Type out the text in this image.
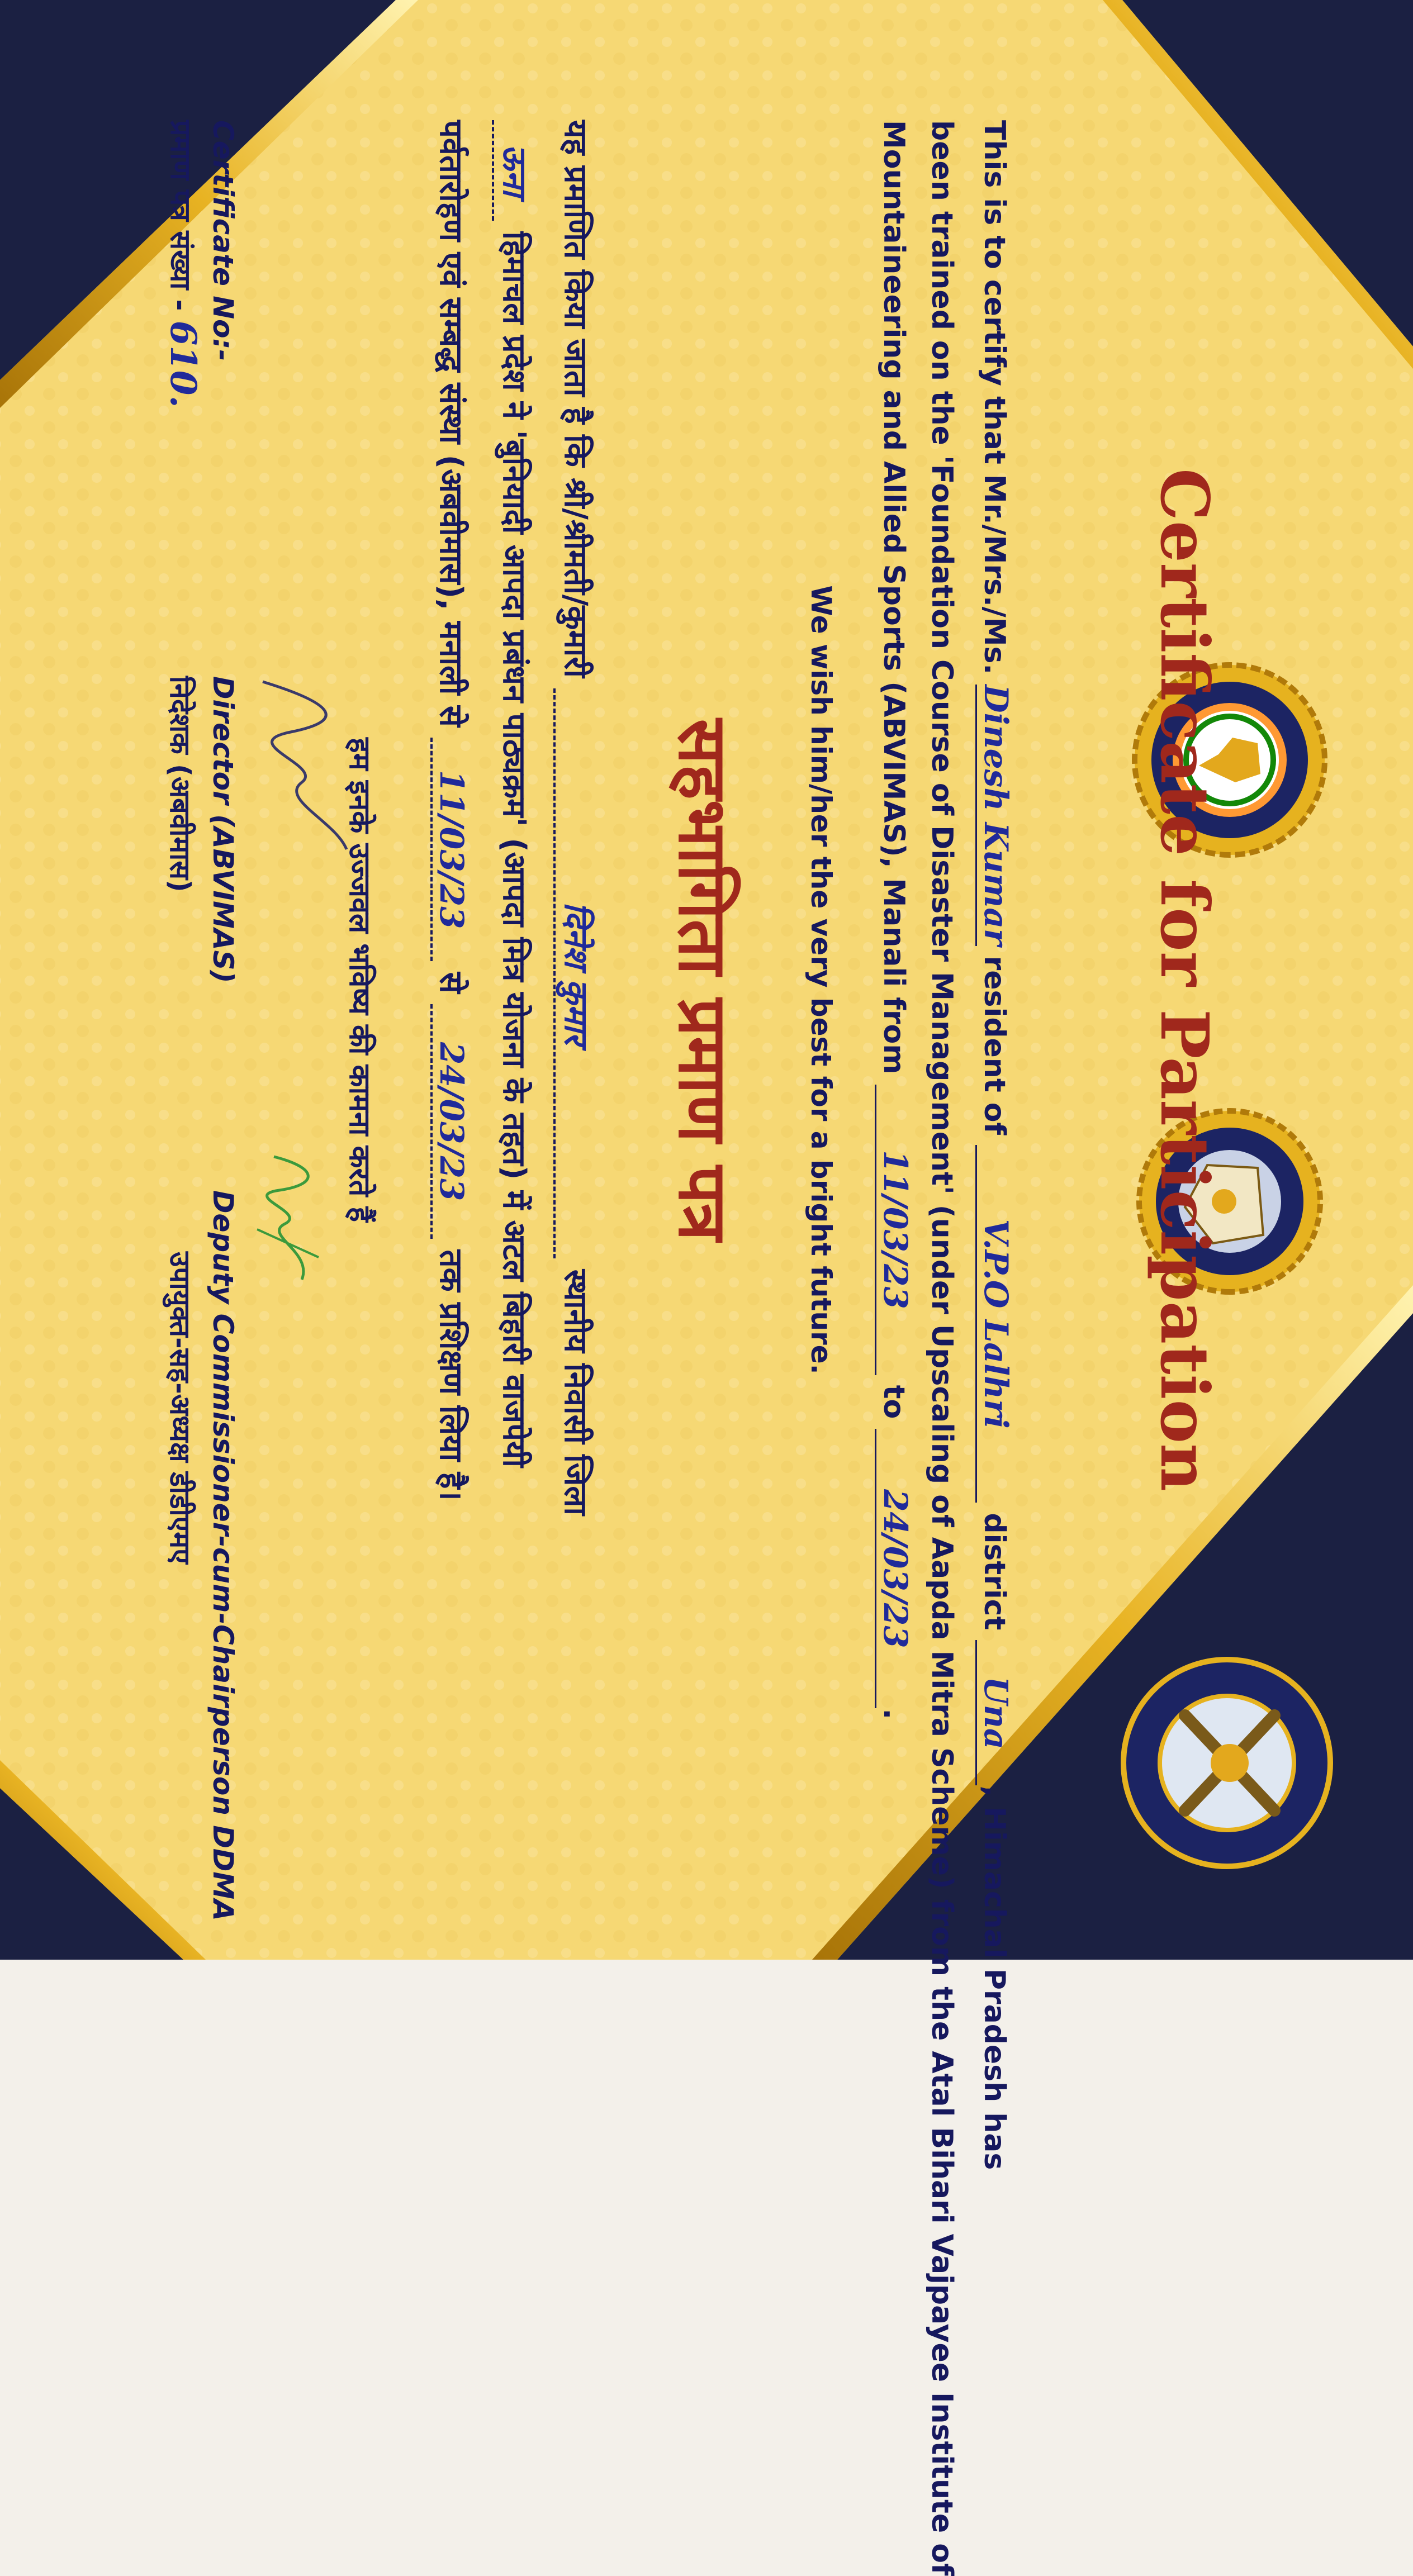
Certificate for Participation
This is to certify that Mr./Mrs./Ms. Dinesh Kumar resident of V.P.O Lalhri district Una, Himachal Pradesh has
been trained on the 'Foundation Course of Disaster Management' (under Upscaling of Aapda Mitra Scheme) from the Atal Bihari Vajpayee Institute of
Mountaineering and Allied Sports (ABVIMAS), Manali from 11/03/23 to 24/03/23.
We wish him/her the very best for a bright future.
सहभागिता प्रमाण पत्र
यह प्रमाणित किया जाता है कि श्री/श्रीमती/कुमारी दिनेश कुमार स्थानीय निवासी जिला
ऊना हिमाचल प्रदेश ने 'बुनियादी आपदा प्रबंधन पाठ्यक्रम' (आपदा मित्र योजना के तहत) में अटल बिहारी वाजपेयी
पर्वतारोहण एवं सम्बद्ध संस्था (अबवीमास), मनाली से 11/03/23 से 24/03/23 तक प्रशिक्षण लिया है।
हम इनके उज्जवल भविष्य की कामना करते हैं
Certificate No:-
प्रमाण पत्र संख्या - 610.
Director (ABVIMAS)
निदेशक (अबवीमास)
Deputy Commissioner-cum-Chairperson DDMA
उपायुक्त-सह-अध्यक्ष डीडीएमए
